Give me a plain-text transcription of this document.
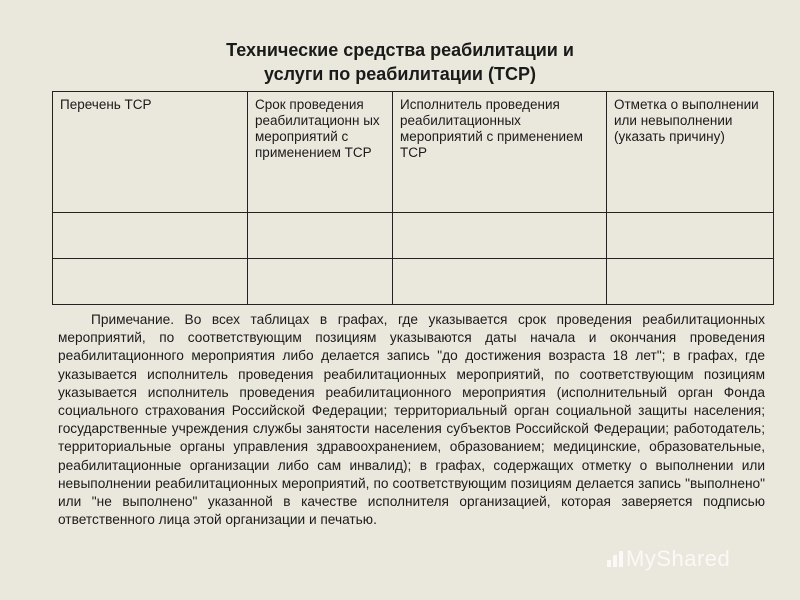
Технические средства реабилитации и
услуги по реабилитации (ТСР)
Перечень ТСР	Срок проведения реабилитационн ых мероприятий с применением ТСР	Исполнитель проведения реабилитационных мероприятий с применением ТСР	Отметка о выполнении или невыполнении (указать причину)

Примечание. Во всех таблицах в графах, где указывается срок проведения реабилитационных мероприятий, по соответствующим позициям указываются даты начала и окончания проведения реабилитационного мероприятия либо делается запись "до достижения возраста 18 лет"; в графах, где указывается исполнитель проведения реабилитационных мероприятий, по соответствующим позициям указывается исполнитель проведения реабилитационного мероприятия (исполнительный орган Фонда социального страхования Российской Федерации; территориальный орган социальной защиты населения; государственные учреждения службы занятости населения субъектов Российской Федерации; работодатель; территориальные органы управления здравоохранением, образованием; медицинские, образовательные, реабилитационные организации либо сам инвалид); в графах, содержащих отметку о выполнении или невыполнении реабилитационных мероприятий, по соответствующим позициям делается запись "выполнено" или "не выполнено" указанной в качестве исполнителя организацией, которая заверяется подписью ответственного лица этой организации и печатью.
MyShared
